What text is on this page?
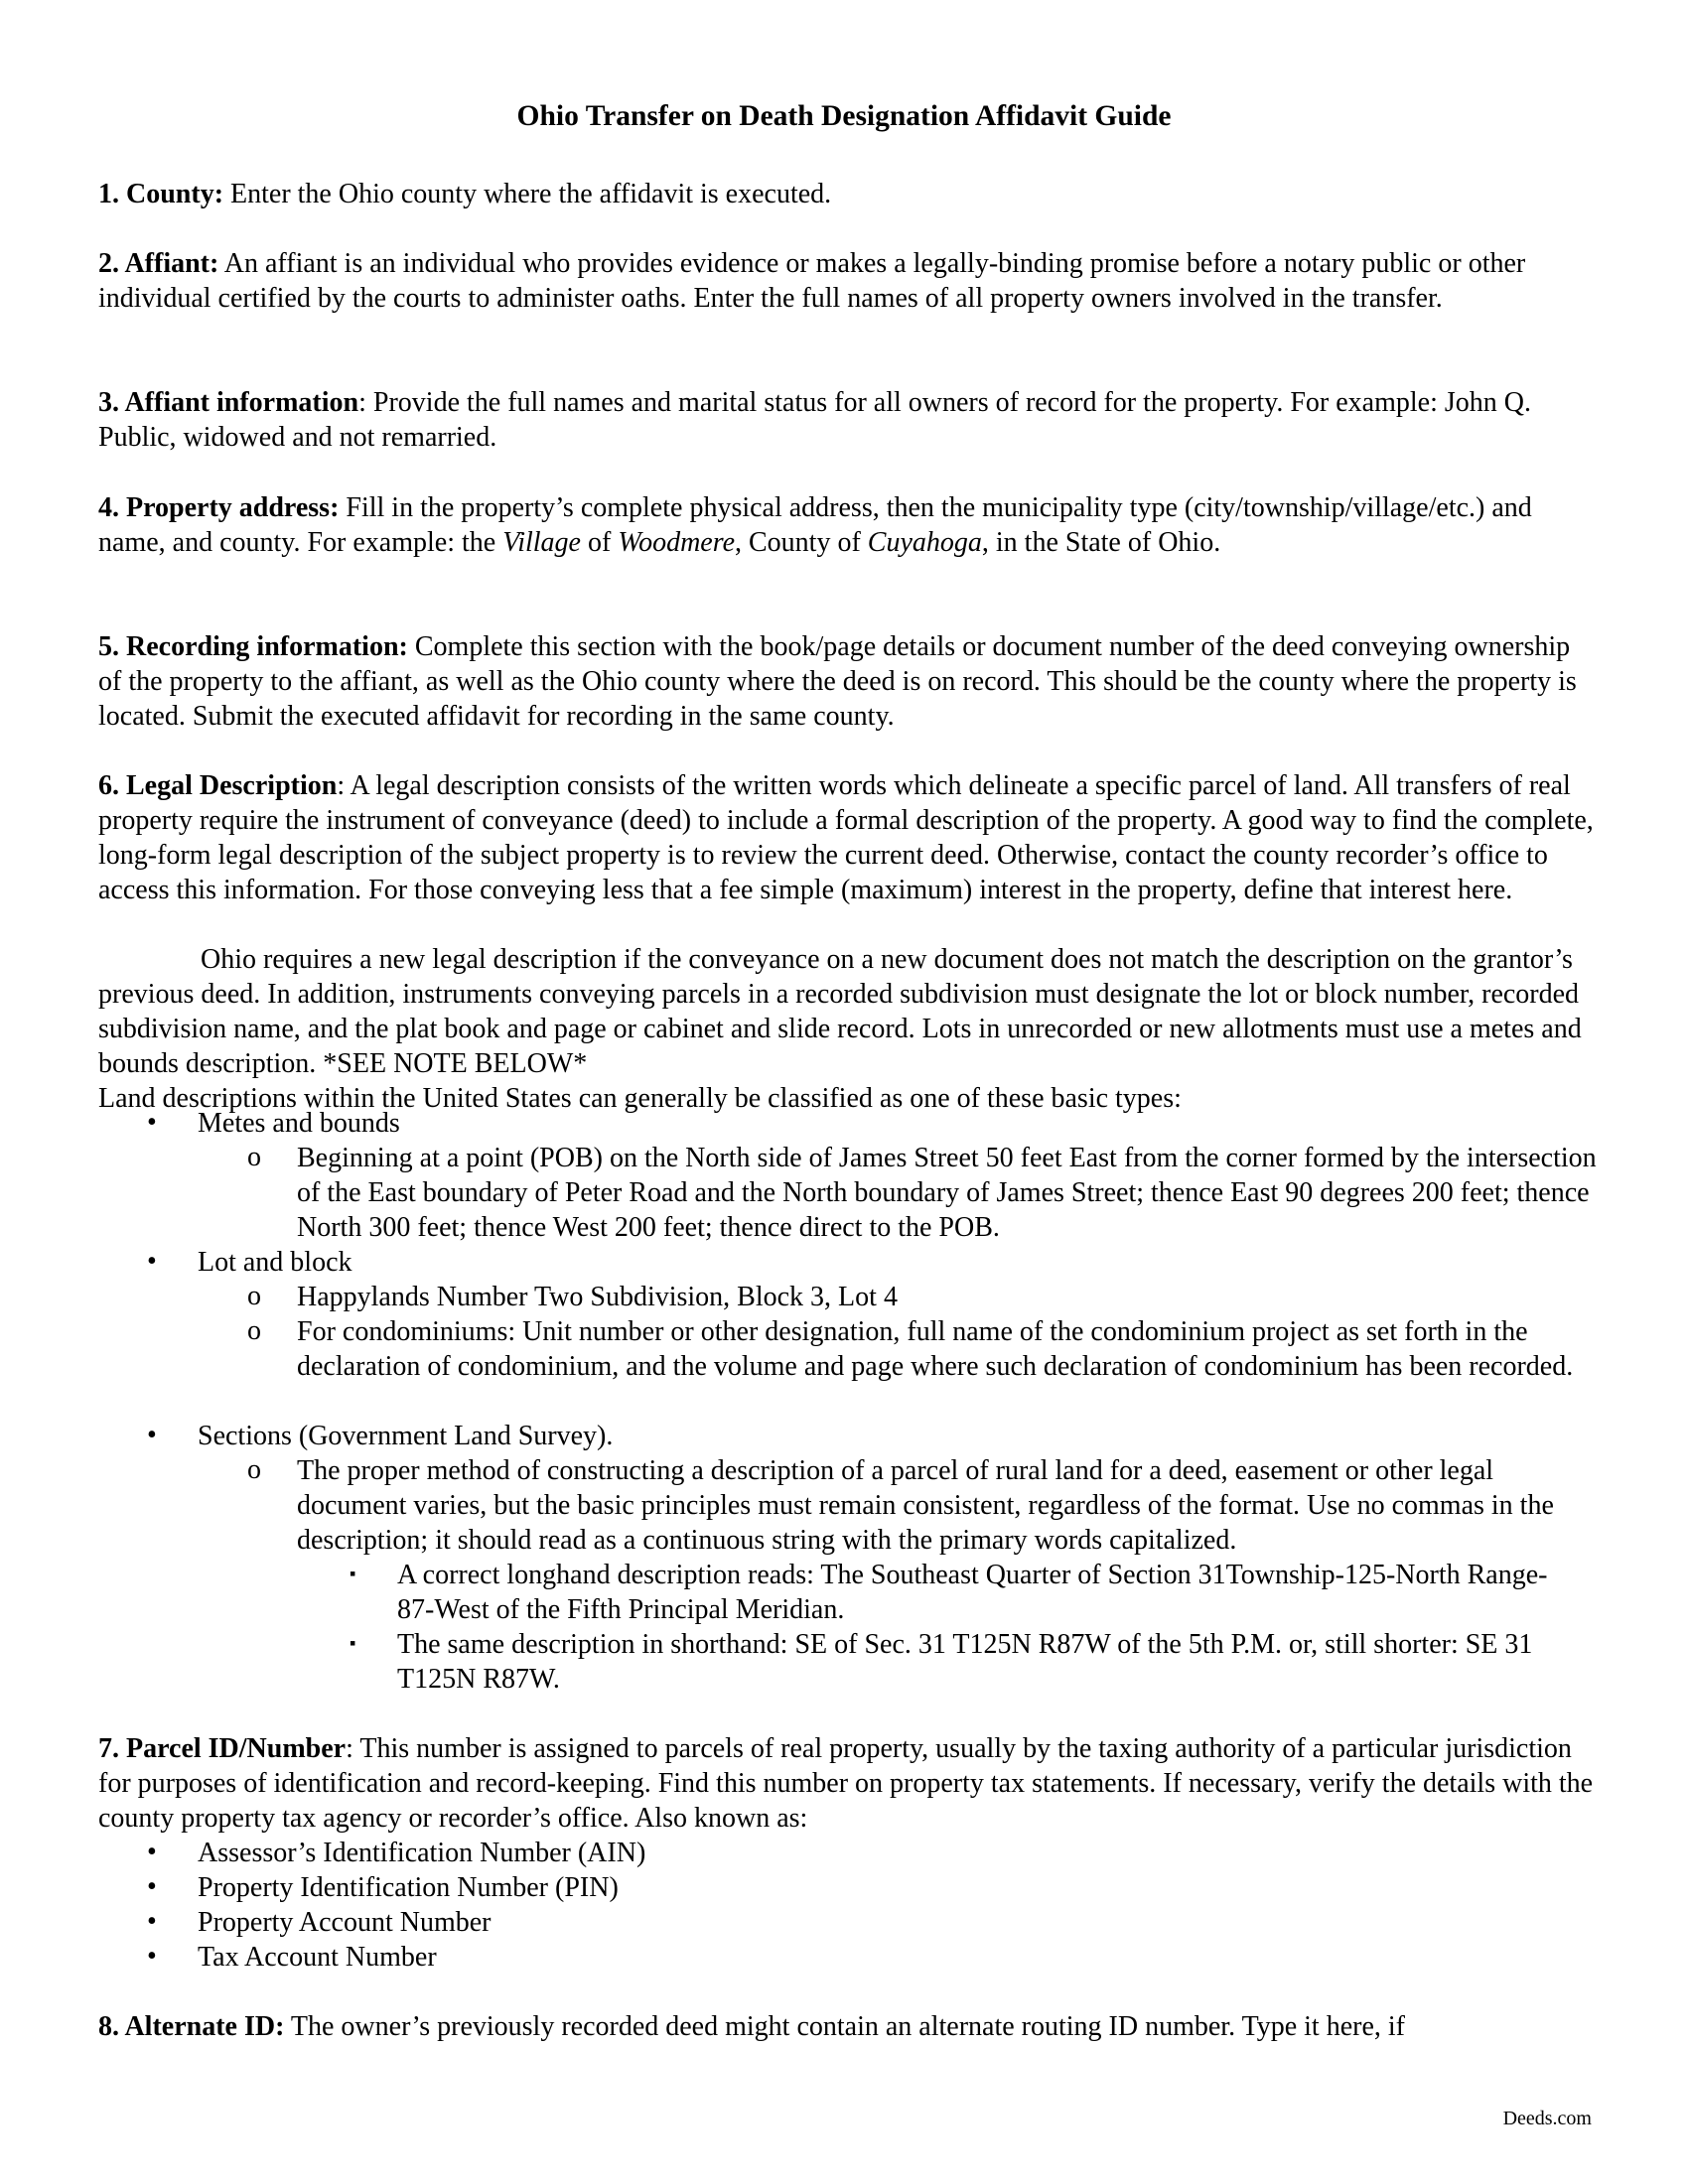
Ohio Transfer on Death Designation Affidavit Guide

1. County: Enter the Ohio county where the affidavit is executed.

2. Affiant: An affiant is an individual who provides evidence or makes a legally-binding promise before a notary public or other individual certified by the courts to administer oaths. Enter the full names of all property owners involved in the transfer.

3. Affiant information: Provide the full names and marital status for all owners of record for the property. For example: John Q. Public, widowed and not remarried.

4. Property address: Fill in the property’s complete physical address, then the municipality type (city/township/village/etc.) and name, and county. For example: the Village of Woodmere, County of Cuyahoga, in the State of Ohio.

5. Recording information: Complete this section with the book/page details or document number of the deed conveying ownership of the property to the affiant, as well as the Ohio county where the deed is on record. This should be the county where the property is located. Submit the executed affidavit for recording in the same county.

6. Legal Description: A legal description consists of the written words which delineate a specific parcel of land. All transfers of real property require the instrument of conveyance (deed) to include a formal description of the property. A good way to find the complete, long-form legal description of the subject property is to review the current deed. Otherwise, contact the county recorder’s office to access this information. For those conveying less that a fee simple (maximum) interest in the property, define that interest here.

Ohio requires a new legal description if the conveyance on a new document does not match the description on the grantor’s previous deed. In addition, instruments conveying parcels in a recorded subdivision must designate the lot or block number, recorded subdivision name, and the plat book and page or cabinet and slide record. Lots in unrecorded or new allotments must use a metes and bounds description. *SEE NOTE BELOW*

Land descriptions within the United States can generally be classified as one of these basic types:

•	Metes and bounds
o Beginning at a point (POB) on the North side of James Street 50 feet East from the corner formed by the intersection of the East boundary of Peter Road and the North boundary of James Street; thence East 90 degrees 200 feet; thence North 300 feet; thence West 200 feet; thence direct to the POB.
•	Lot and block
o Happylands Number Two Subdivision, Block 3, Lot 4
o For condominiums: Unit number or other designation, full name of the condominium project as set forth in the declaration of condominium, and the volume and page where such declaration of condominium has been recorded.
•	Sections (Government Land Survey).
o The proper method of constructing a description of a parcel of rural land for a deed, easement or other legal document varies, but the basic principles must remain consistent, regardless of the format. Use no commas in the description; it should read as a continuous string with the primary words capitalized.
▪	A correct longhand description reads: The Southeast Quarter of Section 31Township-125-North Range-87-West of the Fifth Principal Meridian.
▪	The same description in shorthand: SE of Sec. 31 T125N R87W of the 5th P.M. or, still shorter: SE 31 T125N R87W.

7. Parcel ID/Number: This number is assigned to parcels of real property, usually by the taxing authority of a particular jurisdiction for purposes of identification and record-keeping. Find this number on property tax statements. If necessary, verify the details with the county property tax agency or recorder’s office. Also known as:

•	Assessor’s Identification Number (AIN)
•	Property Identification Number (PIN)
•	Property Account Number
•	Tax Account Number

8. Alternate ID: The owner’s previously recorded deed might contain an alternate routing ID number. Type it here, if

Deeds.com
